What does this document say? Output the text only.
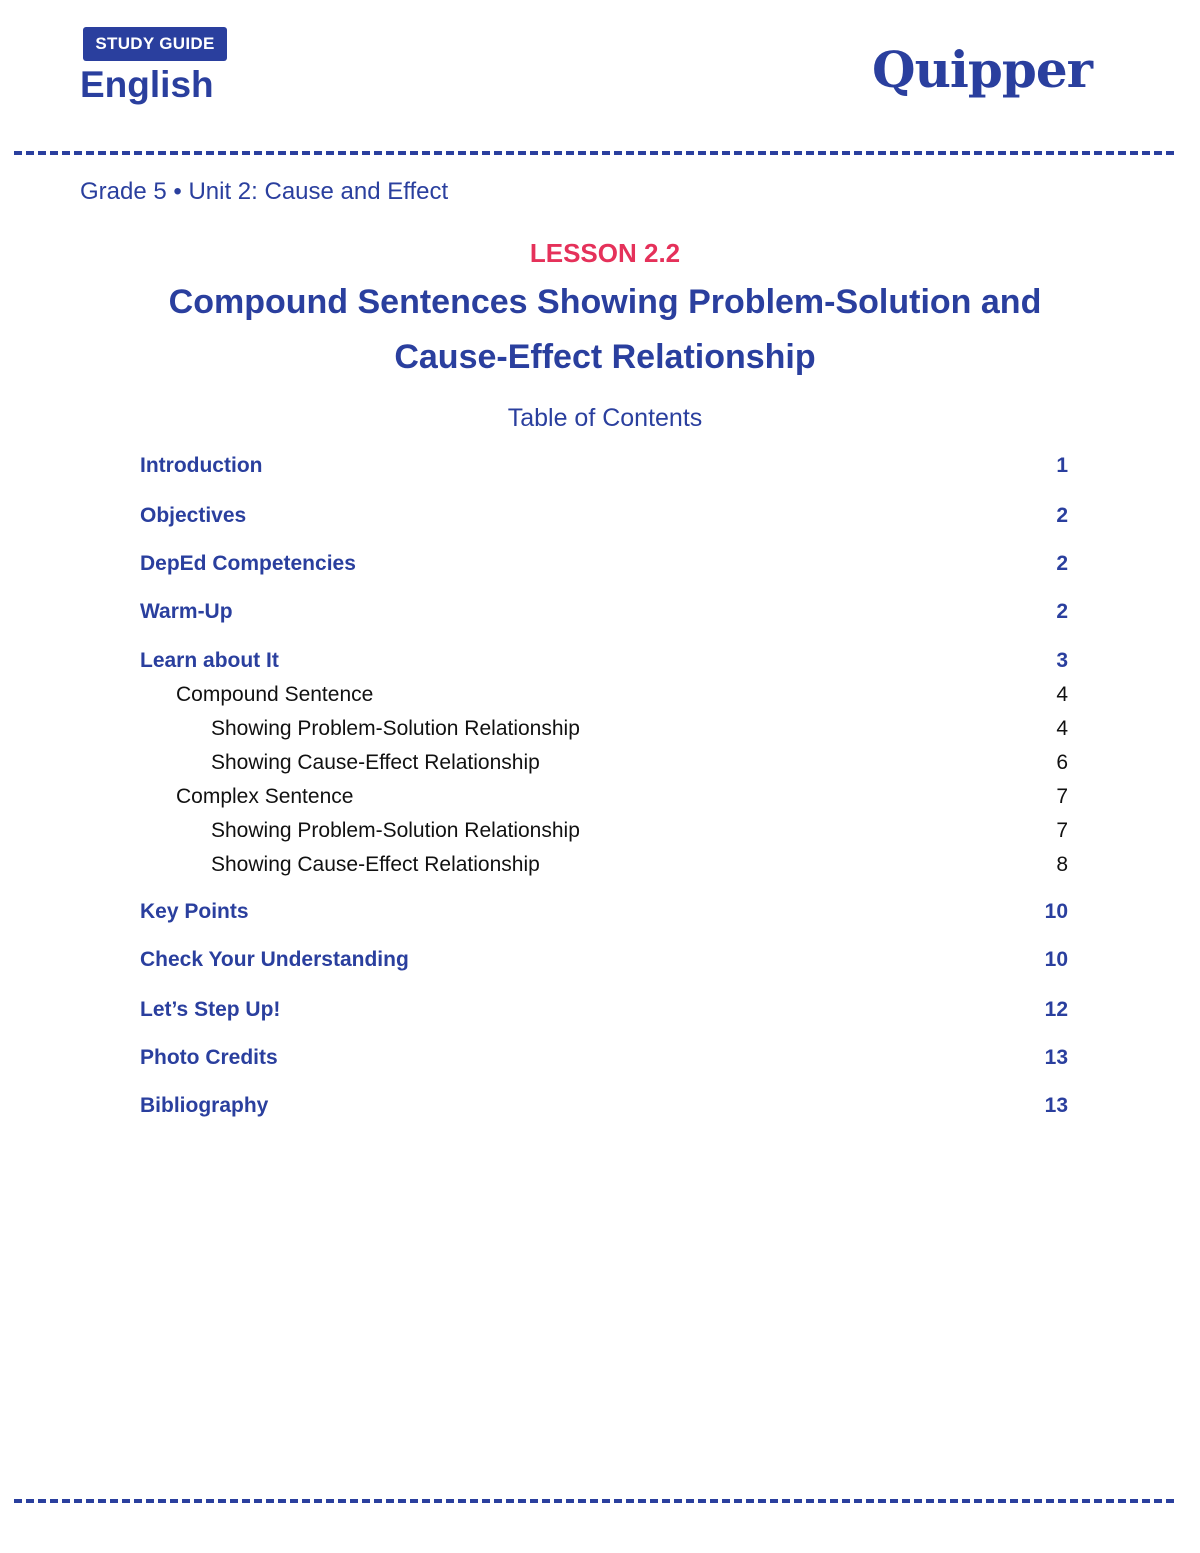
STUDY GUIDE
English	Quipper
Grade 5 • Unit 2: Cause and Effect
LESSON 2.2
Compound Sentences Showing Problem-Solution and
Cause-Effect Relationship
Table of Contents
Introduction	1
Objectives	2
DepEd Competencies	2
Warm-Up	2
Learn about It	3
Compound Sentence	4
Showing Problem-Solution Relationship	4
Showing Cause-Effect Relationship	6
Complex Sentence	7
Showing Problem-Solution Relationship	7
Showing Cause-Effect Relationship	8
Key Points	10
Check Your Understanding	10
Let’s Step Up!	12
Photo Credits	13
Bibliography	13
